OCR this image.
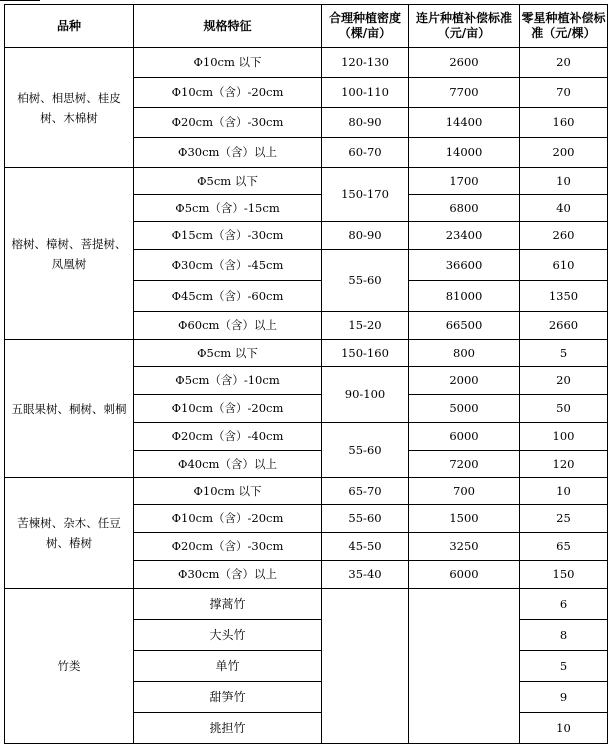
品种	规格特征	合理种植密度（棵/亩）	连片种植补偿标准（元/亩）	零星种植补偿标准（元/棵）
柏树、相思树、桂皮树、木棉树	Φ10cm 以下	120-130	2600	20
	Φ10cm（含）-20cm	100-110	7700	70
	Φ20cm（含）-30cm	80-90	14400	160
	Φ30cm（含）以上	60-70	14000	200
榕树、樟树、菩提树、凤凰树	Φ5cm 以下	150-170	1700	10
	Φ5cm（含）-15cm		6800	40
	Φ15cm（含）-30cm	80-90	23400	260
	Φ30cm（含）-45cm	55-60	36600	610
	Φ45cm（含）-60cm		81000	1350
	Φ60cm（含）以上	15-20	66500	2660
五眼果树、桐树、刺桐	Φ5cm 以下	150-160	800	5
	Φ5cm（含）-10cm	90-100	2000	20
	Φ10cm（含）-20cm		5000	50
	Φ20cm（含）-40cm	55-60	6000	100
	Φ40cm（含）以上		7200	120
苦楝树、杂木、任豆树、椿树	Φ10cm 以下	65-70	700	10
	Φ10cm（含）-20cm	55-60	1500	25
	Φ20cm（含）-30cm	45-50	3250	65
	Φ30cm（含）以上	35-40	6000	150
竹类	撑蒿竹			6
	大头竹			8
	单竹			5
	甜笋竹			9
	挑担竹			10
